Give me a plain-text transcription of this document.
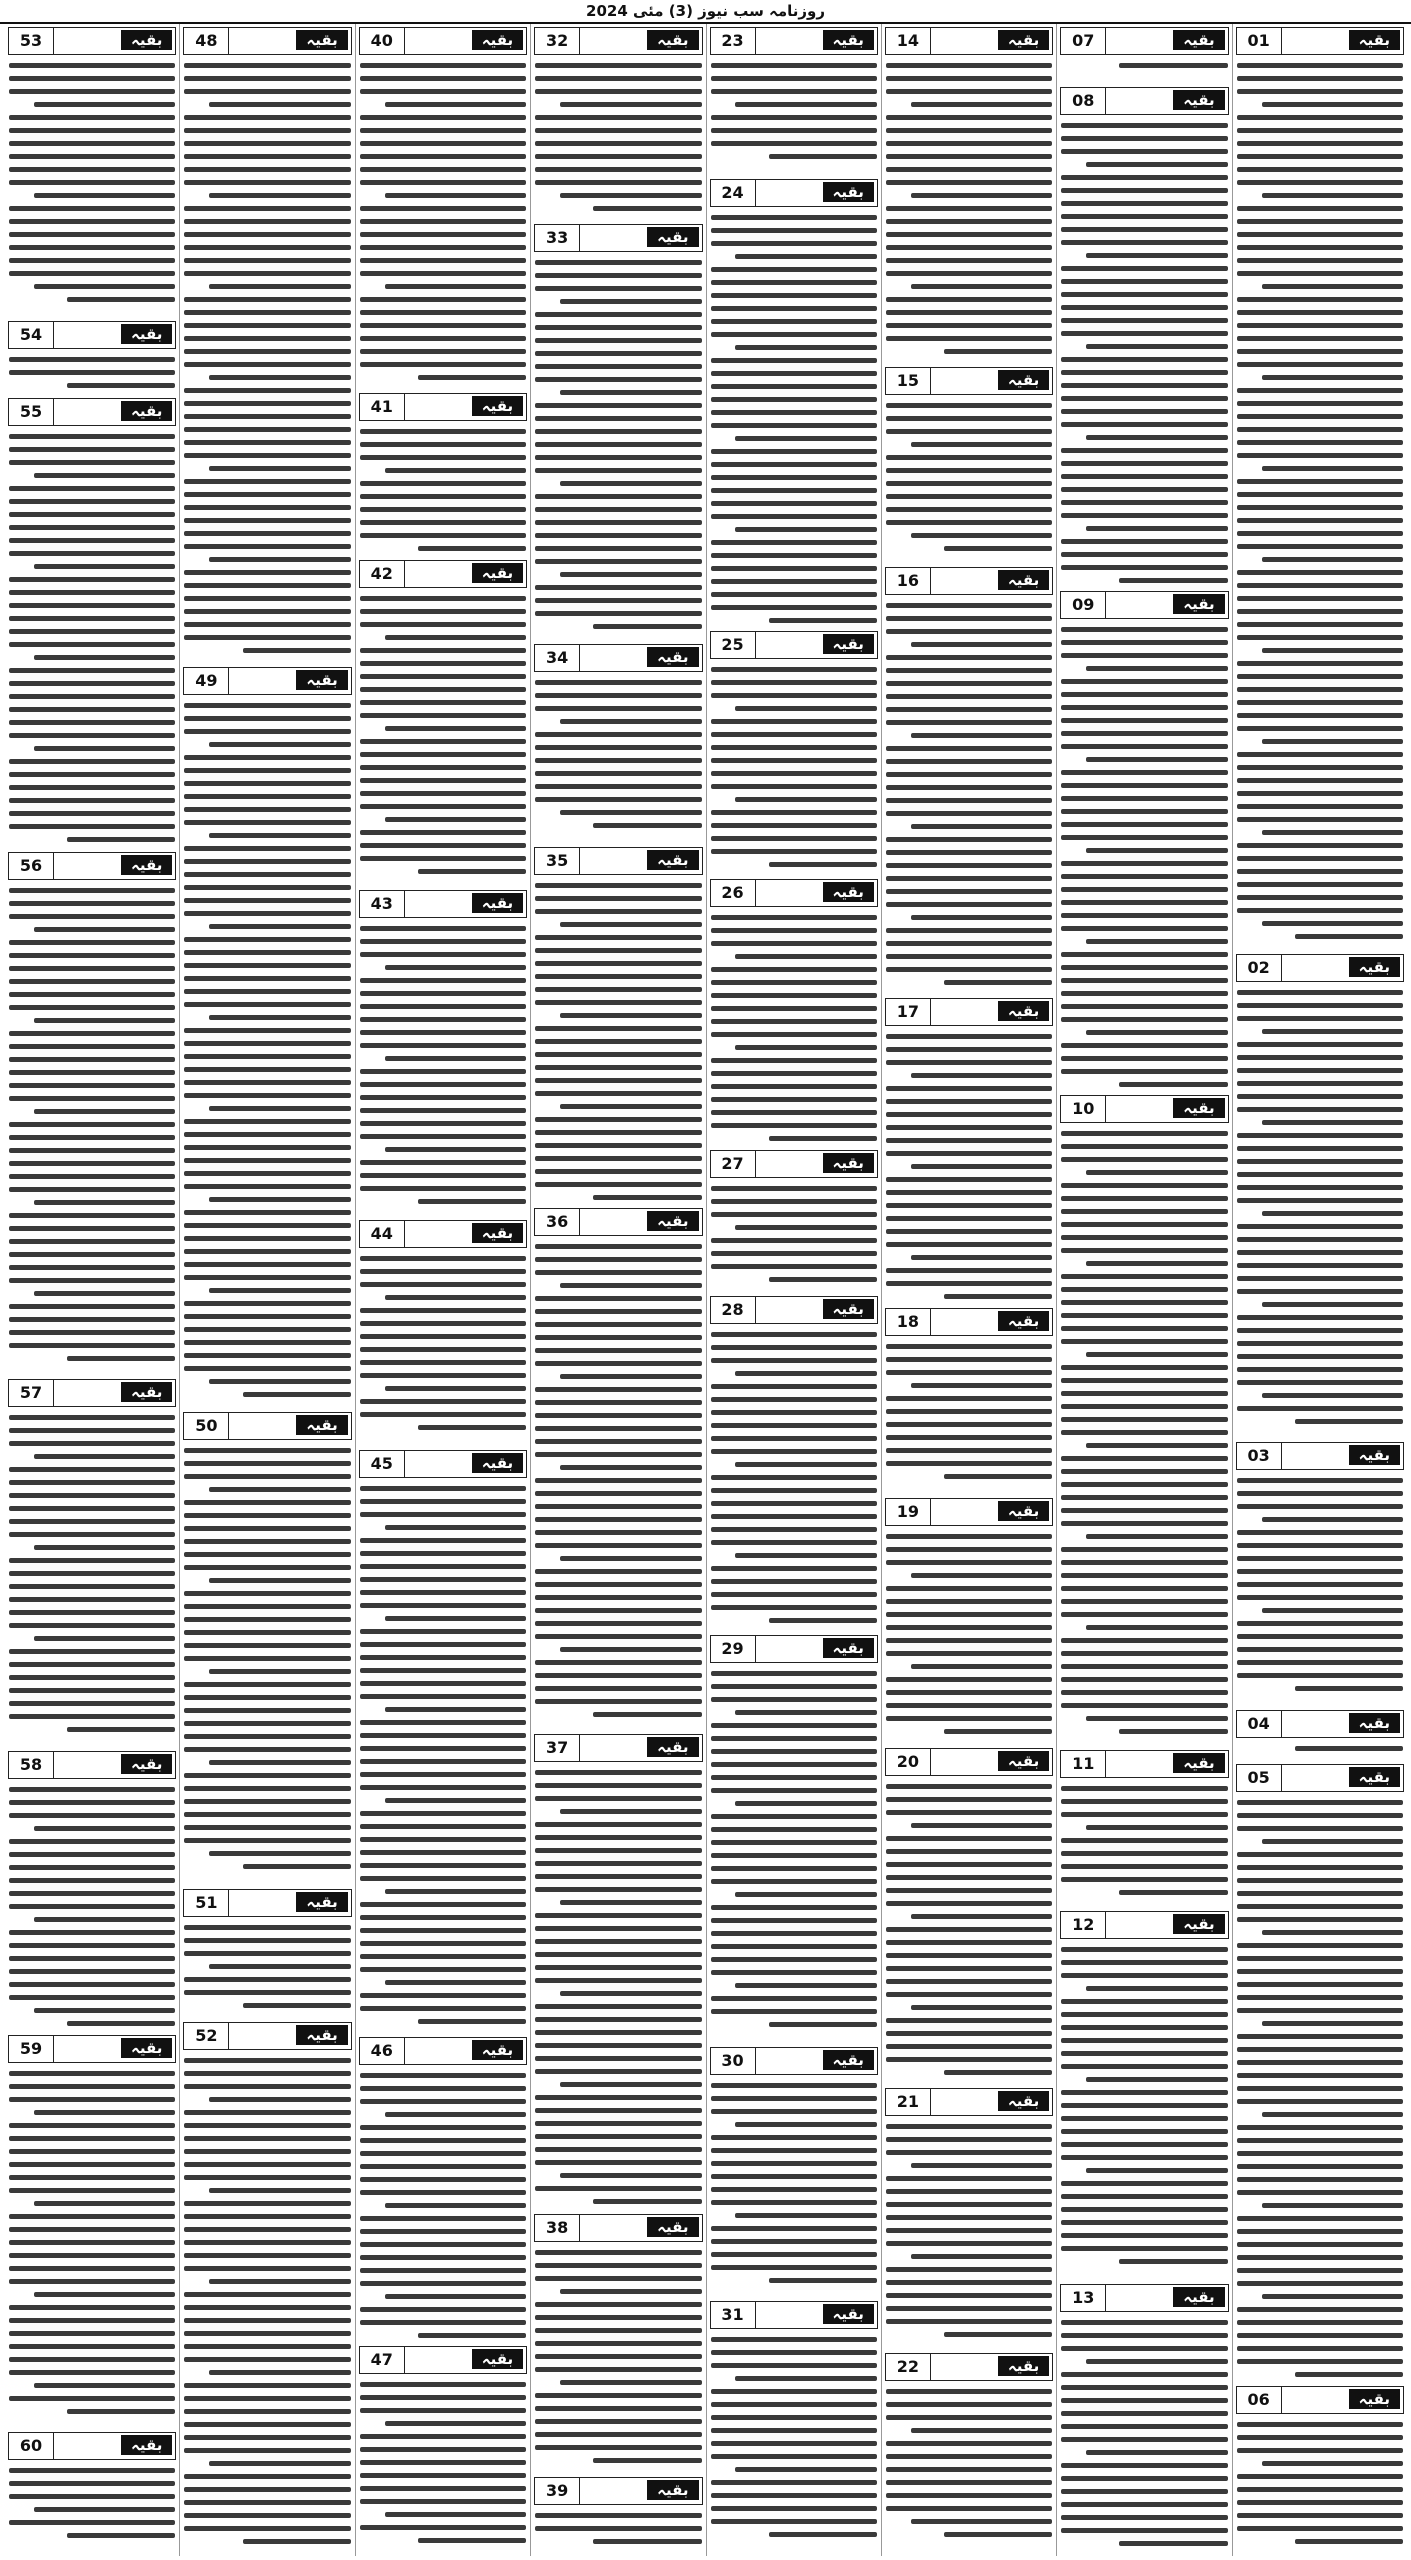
روزنامہ سب نیوز (3) مئی 2024
بقیہ
01
بقیہ
02
بقیہ
03
بقیہ
04
بقیہ
05
بقیہ
06
بقیہ
07
بقیہ
08
بقیہ
09
بقیہ
10
بقیہ
11
بقیہ
12
بقیہ
13
بقیہ
14
بقیہ
15
بقیہ
16
بقیہ
17
بقیہ
18
بقیہ
19
بقیہ
20
بقیہ
21
بقیہ
22
بقیہ
23
بقیہ
24
بقیہ
25
بقیہ
26
بقیہ
27
بقیہ
28
بقیہ
29
بقیہ
30
بقیہ
31
بقیہ
32
بقیہ
33
بقیہ
34
بقیہ
35
بقیہ
36
بقیہ
37
بقیہ
38
بقیہ
39
بقیہ
40
بقیہ
41
بقیہ
42
بقیہ
43
بقیہ
44
بقیہ
45
بقیہ
46
بقیہ
47
بقیہ
48
بقیہ
49
بقیہ
50
بقیہ
51
بقیہ
52
بقیہ
53
بقیہ
54
بقیہ
55
بقیہ
56
بقیہ
57
بقیہ
58
بقیہ
59
بقیہ
60
